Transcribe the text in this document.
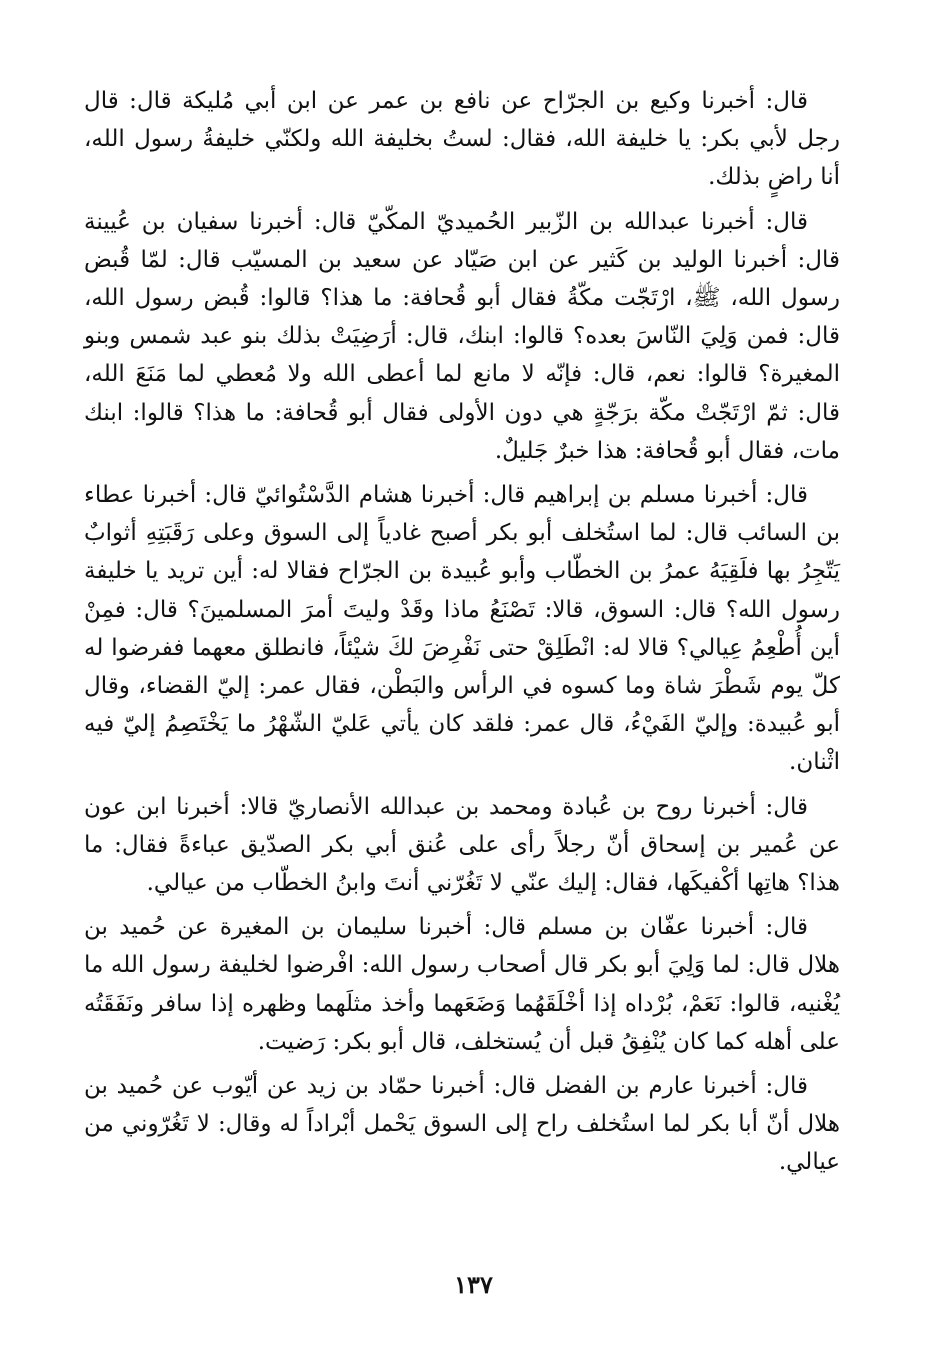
قال: أخبرنا وكيع بن الجرّاح عن نافع بن عمر عن ابن أبي مُليكة قال: قال رجل لأبي بكر: يا خليفة الله، فقال: لستُ بخليفة الله ولكنّي خليفةُ رسول الله، أنا راضٍ بذلك.

قال: أخبرنا عبدالله بن الزّبير الحُميديّ المكّيّ قال: أخبرنا سفيان بن عُيينة قال: أخبرنا الوليد بن كَثير عن ابن صَيّاد عن سعيد بن المسيّب قال: لمّا قُبض رسول الله، ﷺ، ارْتَجّت مكّةُ فقال أبو قُحافة: ما هذا؟ قالوا: قُبض رسول الله، قال: فمن وَلِيَ النّاسَ بعده؟ قالوا: ابنك، قال: أرَضِيَتْ بذلك بنو عبد شمس وبنو المغيرة؟ قالوا: نعم، قال: فإنّه لا مانع لما أعطى الله ولا مُعطي لما مَنَعَ الله، قال: ثمّ ارْتَجّتْ مكّة برَجّةٍ هي دون الأولى فقال أبو قُحافة: ما هذا؟ قالوا: ابنك مات، فقال أبو قُحافة: هذا خبرٌ جَليلٌ.

قال: أخبرنا مسلم بن إبراهيم قال: أخبرنا هشام الدَّسْتُوائيّ قال: أخبرنا عطاء بن السائب قال: لما استُخلف أبو بكر أصبح غادياً إلى السوق وعلى رَقَبَتِهِ أثوابٌ يَتّجِرُ بها فلَقِيَهُ عمرُ بن الخطّاب وأبو عُبيدة بن الجرّاح فقالا له: أين تريد يا خليفة رسول الله؟ قال: السوق، قالا: تَصْنَعُ ماذا وقَدْ وليتَ أمرَ المسلمينَ؟ قال: فمِنْ أين أُطْعِمُ عِيالي؟ قالا له: انْطَلِقْ حتى نَفْرِضَ لكَ شيْئاً، فانطلق معهما ففرضوا له كلّ يوم شَطْرَ شاة وما كسوه في الرأس والبَطْن، فقال عمر: إليّ القضاء، وقال أبو عُبيدة: وإليّ الفَيْءُ، قال عمر: فلقد كان يأتي عَليّ الشّهْرُ ما يَخْتَصِمُ إليّ فيه اثْنان.

قال: أخبرنا روح بن عُبادة ومحمد بن عبدالله الأنصاريّ قالا: أخبرنا ابن عون عن عُمير بن إسحاق أنّ رجلاً رأى على عُنق أبي بكر الصدّيق عباءةً فقال: ما هذا؟ هاتِها أكْفيكَها، فقال: إليك عنّي لا تَغُرّني أنتَ وابنُ الخطّاب من عيالي.

قال: أخبرنا عفّان بن مسلم قال: أخبرنا سليمان بن المغيرة عن حُميد بن هلال قال: لما وَلِيَ أبو بكر قال أصحاب رسول الله: افْرضوا لخليفة رسول الله ما يُغْنيه، قالوا: نَعَمْ، بُرْداه إذا أخْلَقَهُما وَضَعَهما وأخذ مثلَهما وظهره إذا سافر ونَفَقَتُه على أهله كما كان يُنْفِقُ قبل أن يُستخلف، قال أبو بكر: رَضيت.

قال: أخبرنا عارم بن الفضل قال: أخبرنا حمّاد بن زيد عن أيّوب عن حُميد بن هلال أنّ أبا بكر لما استُخلف راح إلى السوق يَحْمل أبْراداً له وقال: لا تَغُرّوني من عيالي.

١٣٧
